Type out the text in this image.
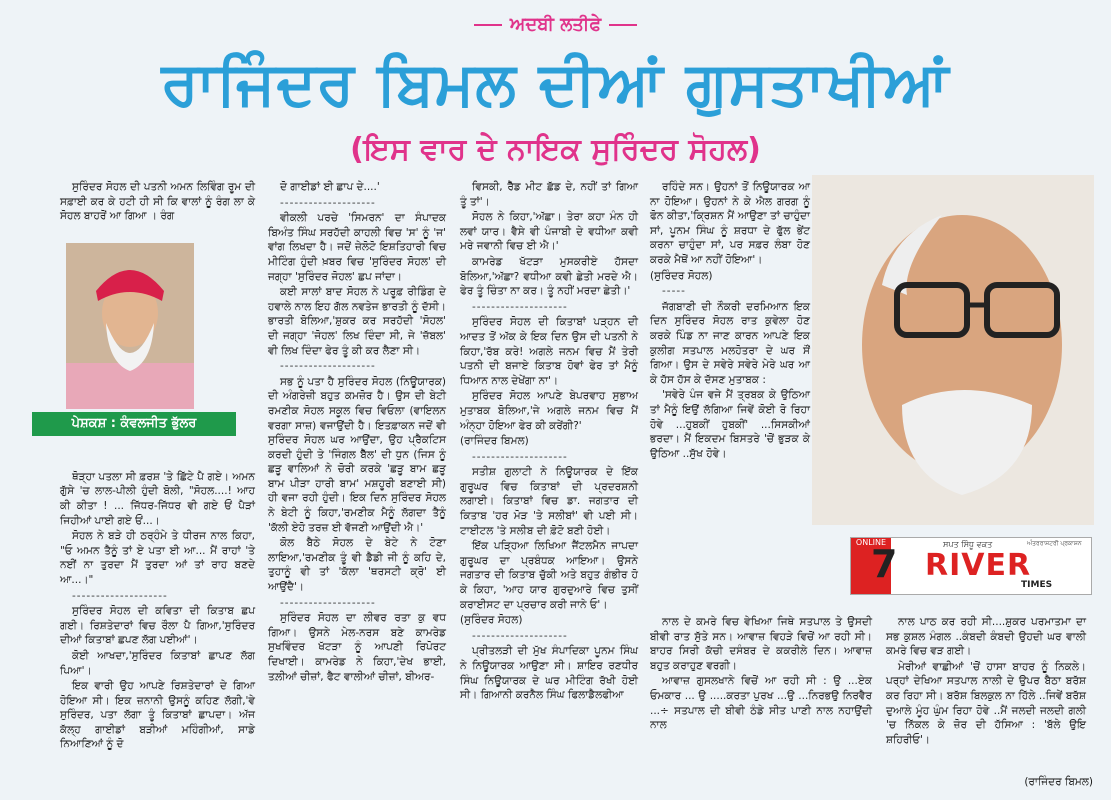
ਅਦਬੀ ਲਤੀਫੇ
ਰਾਜਿੰਦਰ ਬਿਮਲ ਦੀਆਂ ਗੁਸਤਾਖੀਆਂ
(ਇਸ ਵਾਰ ਦੇ ਨਾਇਕ ਸੁਰਿੰਦਰ ਸੋਹਲ)
ਪੇਸ਼ਕਸ਼ : ਕੰਵਲਜੀਤ ਭੁੱਲਰ
ONLINE
7	ਸਪਤ ਸਿੰਧੂ ਵਕਤ	ਅੰਤਰਰਾਸ਼ਟਰੀ ਪ੍ਰਕਾਸ਼ਨ
RIVER
TIMES

ਸੁਰਿੰਦਰ ਸੋਹਲ ਦੀ ਪਤਨੀ ਅਮਨ ਲਿਵਿੰਗ ਰੂਮ ਦੀ ਸਫ਼ਾਈ ਕਰ ਕੇ ਹਟੀ ਹੀ ਸੀ ਕਿ ਵਾਲਾਂ ਨੂੰ ਰੰਗ ਲਾ ਕੇ ਸੋਹਲ ਬਾਹਰੋਂ ਆ ਗਿਆ । ਰੰਗ

ਥੋੜ੍ਹਾ ਪਤਲਾ ਸੀ ਫ਼ਰਸ਼ 'ਤੇ ਛਿੱਟੇ ਪੈ ਗਏ। ਅਮਨ ਗੁੱਸੇ 'ਚ ਲਾਲ-ਪੀਲੀ ਹੁੰਦੀ ਬੋਲੀ, "ਸੋਹਲ....! ਆਹ ਕੀ ਕੀਤਾ ! ... ਜਿੱਧਰ-ਜਿੱਧਰ ਵੀ ਗਏ ਓਂ ਪੈੜਾਂ ਜਿਹੀਆਂ ਪਾਈ ਗਏ ਓਂ...।

ਸੋਹਲ ਨੇ ਬੜੇ ਹੀ ਠਰ੍ਹੰਮੇ ਤੇ ਧੀਰਜ ਨਾਲ ਕਿਹਾ, "ਓ ਅਮਨ ਤੈਨੂੰ ਤਾਂ ਏ ਪਤਾ ਈ ਆ... ਮੈਂ ਰਾਹਾਂ 'ਤੇ ਨਈਂ ਨਾ ਤੁਰਦਾ ਮੈਂ ਤੁਰਦਾ ਆਂ ਤਾਂ ਰਾਹ ਬਣਦੇ ਆ...।"

--------------------

ਸੁਰਿੰਦਰ ਸੋਹਲ ਦੀ ਕਵਿਤਾ ਦੀ ਕਿਤਾਬ ਛਪ ਗਈ। ਰਿਸ਼ਤੇਦਾਰਾਂ ਵਿਚ ਰੌਲਾ ਪੈ ਗਿਆ,'ਸੁਰਿੰਦਰ ਦੀਆਂ ਕਿਤਾਬਾਂ ਛਪਣ ਲੱਗ ਪਈਆਂ'।

ਕੋਈ ਆਖਦਾ,'ਸੁਰਿੰਦਰ ਕਿਤਾਬਾਂ ਛਾਪਣ ਲੱਗ ਪਿਆ'।

ਇਕ ਵਾਰੀ ਉਹ ਆਪਣੇ ਰਿਸ਼ਤੇਦਾਰਾਂ ਦੇ ਗਿਆ ਹੋਇਆ ਸੀ। ਇਕ ਜ਼ਨਾਨੀ ਉਸਨੂੰ ਕਹਿਣ ਲੱਗੀ,'ਵੇ ਸੁਰਿੰਦਰ, ਪਤਾ ਲੱਗਾ ਤੂੰ ਕਿਤਾਬਾਂ ਛਾਪਦਾ। ਅੱਜ ਕੱਲ੍ਹ ਗਾਈਡਾਂ ਬੜੀਆਂ ਮਹਿੰਗੀਆਂ, ਸਾਡੇ ਨਿਆਣਿਆਂ ਨੂੰ ਦੋ

ਦੋ ਗਾਈਡਾਂ ਈ ਛਾਪ ਦੇ....'

--------------------

ਵੀਕਲੀ ਪਰਚੇ 'ਸਿਮਰਨ' ਦਾ ਸੰਪਾਦਕ ਬਿਅੰਤ ਸਿੰਘ ਸਰਹੱਦੀ ਕਾਹਲੀ ਵਿਚ 'ਸ' ਨੂੰ 'ਜ' ਵਾਂਗ ਲਿਖਦਾ ਹੈ। ਜਦੋਂ ਜ਼ੇਲੋਟੋ ਇਸ਼ਤਿਹਾਰੀ ਵਿਚ ਮੀਟਿੰਗ ਹੁੰਦੀ ਖ਼ਬਰ ਵਿਚ 'ਸੁਰਿੰਦਰ ਸੋਹਲ' ਦੀ ਜਗ੍ਹਾ 'ਸੁਰਿੰਦਰ ਜੋਹਲ' ਛਪ ਜਾਂਦਾ।

ਕਈ ਸਾਲਾਂ ਬਾਦ ਸੋਹਲ ਨੇ ਪਰੂਫ਼ ਰੀਡਿੰਗ ਦੇ ਹਵਾਲੇ ਨਾਲ ਇਹ ਗੱਲ ਨਵਤੇਜ ਭਾਰਤੀ ਨੂੰ ਦੱਸੀ। ਭਾਰਤੀ ਬੋਲਿਆ,'ਸ਼ੁਕਰ ਕਰ ਸਰਹੱਦੀ 'ਸੋਹਲ' ਦੀ ਜਗ੍ਹਾ 'ਜੋਹਲ' ਲਿਖ ਦਿੰਦਾ ਸੀ, ਜੇ 'ਜ਼ੱਬਲ' ਵੀ ਲਿਖ ਦਿੰਦਾ ਫੇਰ ਤੂੰ ਕੀ ਕਰ ਲੈਣਾ ਸੀ।

--------------------

ਸਭ ਨੂੰ ਪਤਾ ਹੈ ਸੁਰਿੰਦਰ ਸੋਹਲ (ਨਿਊਯਾਰਕ) ਦੀ ਅੰਗਰੇਜ਼ੀ ਬਹੁਤ ਕਮਜ਼ੋਰ ਹੈ। ਉਸ ਦੀ ਬੇਟੀ ਰਮਣੀਕ ਸੋਹਲ ਸਕੂਲ ਵਿਚ ਵਿਓਲਾ (ਵਾਇਲਨ ਵਰਗਾ ਸਾਜ਼) ਵਜਾਉਂਦੀ ਹੈ। ਇਤਫ਼ਾਕਨ ਜਦੋਂ ਵੀ ਸੁਰਿੰਦਰ ਸੋਹਲ ਘਰ ਆਉਂਦਾ, ਉਹ ਪ੍ਰੈਕਟਿਸ ਕਰਦੀ ਹੁੰਦੀ ਤੇ 'ਜਿੰਗਲ ਬੈੱਲ' ਦੀ ਧੁਨ (ਜਿਸ ਨੂੰ ਛੜੂ ਵਾਲਿਆਂ ਨੇ ਚੋਰੀ ਕਰਕੇ 'ਛੜੂ ਬਾਮ ਛੜੂ ਬਾਮ ਪੀੜਾ ਹਾਰੀ ਬਾਮ' ਮਸ਼ਹੂਰੀ ਬਣਾਈ ਸੀ) ਹੀ ਵਜਾ ਰਹੀ ਹੁੰਦੀ। ਇਕ ਦਿਨ ਸੁਰਿੰਦਰ ਸੋਹਲ ਨੇ ਬੇਟੀ ਨੂੰ ਕਿਹਾ,'ਰਮਣੀਕ ਮੈਨੂੰ ਲੱਗਦਾ ਤੈਨੂੰ 'ਕੱਲੀ ਏਹੋ ਤਰਜ਼ ਈ ਵੱਜਣੀ ਆਉਂਦੀ ਐ।'

ਕੋਲ ਬੈਠੇ ਸੋਹਲ ਦੇ ਬੇਟੇ ਨੇ ਟੋਣਾ ਲਾਇਆ,'ਰਮਣੀਕ ਤੂੰ ਵੀ ਡੈਡੀ ਜੀ ਨੂੰ ਕਹਿ ਦੇ, ਤੁਹਾਨੂੰ ਵੀ ਤਾਂ 'ਕੱਲਾ 'ਥਰਸਟੀ ਕ੍ਰੋ' ਈ ਆਉਂਦੈ'।

--------------------

ਸੁਰਿੰਦਰ ਸੋਹਲ ਦਾ ਲੀਵਰ ਰਤਾ ਕੁ ਵਧ ਗਿਆ। ਉਸਨੇ ਮੇਲ-ਨਰਸ ਬਣੇ ਕਾਮਰੇਡ ਸੁਖਵਿੰਦਰ ਖੱਟੜਾ ਨੂੰ ਆਪਣੀ ਰਿਪੋਰਟ ਦਿਖਾਈ। ਕਾਮਰੇਡ ਨੇ ਕਿਹਾ,'ਦੇਖ ਭਾਈ, ਤਲ਼ੀਆਂ ਚੀਜ਼ਾਂ, ਫੈਟ ਵਾਲੀਆਂ ਚੀਜ਼ਾਂ, ਬੀਅਰ-

ਵਿਸਕੀ, ਰੈੱਡ ਮੀਟ ਛੱਡ ਦੇ, ਨਹੀਂ ਤਾਂ ਗਿਆ ਤੂੰ ਤਾਂ'।

ਸੋਹਲ ਨੇ ਕਿਹਾ,'ਅੱਛਾ। ਤੇਰਾ ਕਹਾ ਮੰਨ ਹੀ ਲਵਾਂ ਯਾਰ। ਵੈਸੇ ਵੀ ਪੰਜਾਬੀ ਦੇ ਵਧੀਆ ਕਵੀ ਮਰੇ ਜਵਾਨੀ ਵਿਚ ਈ ਐ।'

ਕਾਮਰੇਡ ਖੱਟੜਾ ਮੁਸਕਰੀਏ ਹੱਸਦਾ ਬੋਲਿਆ,'ਅੱਛਾ? ਵਧੀਆ ਕਵੀ ਛੇਤੀ ਮਰਦੇ ਐ। ਫੇਰ ਤੂੰ ਚਿੰਤਾ ਨਾ ਕਰ। ਤੂੰ ਨਹੀਂ ਮਰਦਾ ਛੇਤੀ।'

--------------------

ਸੁਰਿੰਦਰ ਸੋਹਲ ਦੀ ਕਿਤਾਬਾਂ ਪੜ੍ਹਨ ਦੀ ਆਦਤ ਤੋਂ ਅੱਕ ਕੇ ਇਕ ਦਿਨ ਉਸ ਦੀ ਪਤਨੀ ਨੇ ਕਿਹਾ,'ਰੱਬ ਕਰੇ! ਅਗਲੇ ਜਨਮ ਵਿਚ ਮੈਂ ਤੇਰੀ ਪਤਨੀ ਦੀ ਬਜਾਏ ਕਿਤਾਬ ਹੋਵਾਂ ਫੇਰ ਤਾਂ ਮੈਨੂੰ ਧਿਆਨ ਨਾਲ ਦੇਖੇਂਗਾ ਨਾ'।

ਸੁਰਿੰਦਰ ਸੋਹਲ ਆਪਣੇ ਬੇਪਰਵਾਹ ਸੁਭਾਅ ਮੁਤਾਬਕ ਬੋਲਿਆ,'ਜੇ ਅਗਲੇ ਜਨਮ ਵਿਚ ਮੈਂ ਅੰਨ੍ਹਾ ਹੋਇਆ ਫੇਰ ਕੀ ਕਰੇਂਗੀ?'

(ਰਾਜਿੰਦਰ ਬਿਮਲ)

--------------------

ਸਤੀਸ਼ ਗੁਲਾਟੀ ਨੇ ਨਿਊਯਾਰਕ ਦੇ ਇੱਕ ਗੁਰੂਘਰ ਵਿਚ ਕਿਤਾਬਾਂ ਦੀ ਪ੍ਰਦਰਸ਼ਨੀ ਲਗਾਈ। ਕਿਤਾਬਾਂ ਵਿਚ ਡਾ. ਜਗਤਾਰ ਦੀ ਕਿਤਾਬ 'ਹਰ ਮੋੜ 'ਤੇ ਸਲੀਬਾਂ' ਵੀ ਪਈ ਸੀ। ਟਾਈਟਲ 'ਤੇ ਸਲੀਬ ਦੀ ਫ਼ੋਟੋ ਬਣੀ ਹੋਈ।

ਇੱਕ ਪੜ੍ਹਿਆ ਲਿਖਿਆ ਜੈਂਟਲਮੈਨ ਜਾਪਦਾ ਗੁਰੂਘਰ ਦਾ ਪ੍ਰਬੰਧਕ ਆਇਆ। ਉਸਨੇ ਜਗਤਾਰ ਦੀ ਕਿਤਾਬ ਚੁੱਕੀ ਅਤੇ ਬਹੁਤ ਗੰਭੀਰ ਹੋ ਕੇ ਕਿਹਾ, 'ਆਹ ਯਾਰ ਗੁਰਦੁਆਰੇ ਵਿਚ ਤੁਸੀਂ ਕਰਾਈਸਟ ਦਾ ਪ੍ਰਚਾਰ ਕਰੀ ਜਾਨੇ ਓ'।

(ਸੁਰਿੰਦਰ ਸੋਹਲ)

--------------------

ਪ੍ਰੀਤਲੜੀ ਦੀ ਮੁੱਖ ਸੰਪਾਦਿਕਾ ਪੂਨਮ ਸਿੰਘ ਨੇ ਨਿਊਯਾਰਕ ਆਉਣਾ ਸੀ। ਸ਼ਾਇਰ ਰਣਧੀਰ ਸਿੰਘ ਨਿਊਯਾਰਕ ਦੇ ਘਰ ਮੀਟਿੰਗ ਰੱਖੀ ਹੋਈ ਸੀ। ਗਿਆਨੀ ਕਰਨੈਲ ਸਿੰਘ ਫਿਲਾਡੈਲਫੀਆ

ਰਹਿੰਦੇ ਸਨ। ਉਹਨਾਂ ਤੋਂ ਨਿਊਯਾਰਕ ਆ ਨਾ ਹੋਇਆ। ਉਹਨਾਂ ਨੇ ਕੇ ਐਲ ਗਰਗ ਨੂੰ ਫੋਨ ਕੀਤਾ,'ਕ੍ਰਿਸ਼ਨ ਮੈਂ ਆਉਣਾ ਤਾਂ ਚਾਹੁੰਦਾ ਸਾਂ, ਪੂਨਮ ਸਿੰਘ ਨੂੰ ਸ਼ਰਧਾ ਦੇ ਫੁੱਲ ਭੇਂਟ ਕਰਨਾ ਚਾਹੁੰਦਾ ਸਾਂ, ਪਰ ਸਫ਼ਰ ਲੰਬਾ ਹੋਣ ਕਰਕੇ ਮੈਥੋਂ ਆ ਨਹੀਂ ਹੋਇਆ'।

(ਸੁਰਿੰਦਰ ਸੋਹਲ)

-----

ਜੱਗਬਾਣੀ ਦੀ ਨੌਕਰੀ ਦਰਮਿਆਨ ਇਕ ਦਿਨ ਸੁਰਿੰਦਰ ਸੋਹਲ ਰਾਤ ਕੁਵੇਲਾ ਹੋਣ ਕਰਕੇ ਪਿੰਡ ਨਾ ਜਾਣ ਕਾਰਨ ਆਪਣੇ ਇਕ ਕੁਲੀਗ ਸਤਪਾਲ ਮਲਹੋਤਰਾ ਦੇ ਘਰ ਸੌਂ ਗਿਆ। ਉਸ ਦੇ ਸਵੇਰੇ ਸਵੇਰੇ ਮੇਰੇ ਘਰ ਆ ਕੇ ਹੱਸ ਹੱਸ ਕੇ ਦੱਸਣ ਮੁਤਾਬਕ :

'ਸਵੇਰੇ ਪੰਜ ਵਜੇ ਮੈਂ ਤ੍ਰਬਕ ਕੇ ਉਠਿਆ ਤਾਂ ਮੈਨੂੰ ਇਉਂ ਲੱਗਿਆ ਜਿਵੇਂ ਕੋਈ ਰੋ ਰਿਹਾ ਹੋਵੇ ...ਹੁਬਕੀਂ ਹੁਬਕੀਂ' ...ਸਿਸਕੀਆਂ ਭਰਦਾ। ਮੈਂ ਇਕਦਮ ਬਿਸਤਰੇ 'ਚੋਂ ਭੁੜਕ ਕੇ ਉਠਿਆ ..ਸੁੱਖ ਹੋਵੇ।

ਨਾਲ ਦੇ ਕਮਰੇ ਵਿਚ ਵੇਖਿਆ ਜਿਥੇ ਸਤਪਾਲ ਤੇ ਉਸਦੀ ਬੀਵੀ ਰਾਤ ਸੁੱਤੇ ਸਨ। ਆਵਾਜ਼ ਵਿਹੜੇ ਵਿਚੋਂ ਆ ਰਹੀ ਸੀ। ਬਾਹਰ ਸਿਰੀ ਕੱਚੀ ਦਸੰਬਰ ਦੇ ਕਕਰੀਲੇ ਦਿਨ। ਆਵਾਜ਼ ਬਹੁਤ ਕਰਾਹੁਣ ਵਰਗੀ।

ਆਵਾਜ਼ ਗੁਸਲਖਾਨੇ ਵਿਚੋਂ ਆ ਰਹੀ ਸੀ : ਉ ...ਏਕ ਓਮਕਾਰ ... ਉ .....ਕਰਤਾ ਪੁਰਖ ...ਉ ...ਨਿਰਭਉ ਨਿਰਵੈਰ ...÷ ਸਤਪਾਲ ਦੀ ਬੀਵੀ ਠੰਡੇ ਸੀਤ ਪਾਣੀ ਨਾਲ ਨਹਾਉਂਦੀ ਨਾਲ

ਨਾਲ ਪਾਠ ਕਰ ਰਹੀ ਸੀ....ਸ਼ੁਕਰ ਪਰਮਾਤਮਾ ਦਾ ਸਭ ਕੁਸ਼ਲ ਮੰਗਲ ..ਕੰਬਦੀ ਕੰਬਦੀ ਉਹਦੀ ਘਰ ਵਾਲੀ ਕਮਰੇ ਵਿਚ ਵੜ ਗਈ।

ਮੇਰੀਆਂ ਵਾਛੀਆਂ 'ਚੋਂ ਹਾਸਾ ਬਾਹਰ ਨੂੰ ਨਿਕਲੇ। ਪਰ੍ਹਾਂ ਦੇਖਿਆ ਸਤਪਾਲ ਨਾਲੀ ਦੇ ਉਪਰ ਬੈਠਾ ਬਰੱਸ਼ ਕਰ ਰਿਹਾ ਸੀ। ਬਰੱਸ਼ ਬਿਲਕੁਲ ਨਾ ਹਿੱਲੇ ..ਜਿਵੇਂ ਬਰੱਸ਼ ਦੁਆਲੇ ਮੂੰਹ ਘੁੰਮ ਰਿਹਾ ਹੋਵੇ ..ਮੈਂ ਜਲਦੀ ਜਲਦੀ ਗਲੀ 'ਚ ਨਿੱਕਲ ਕੇ ਜ਼ੋਰ ਦੀ ਹੱਸਿਆ : 'ਬੱਲੇ ਉਇ ਸ਼ਹਿਰੀਓ'।

(ਰਾਜਿੰਦਰ ਬਿਮਲ)
